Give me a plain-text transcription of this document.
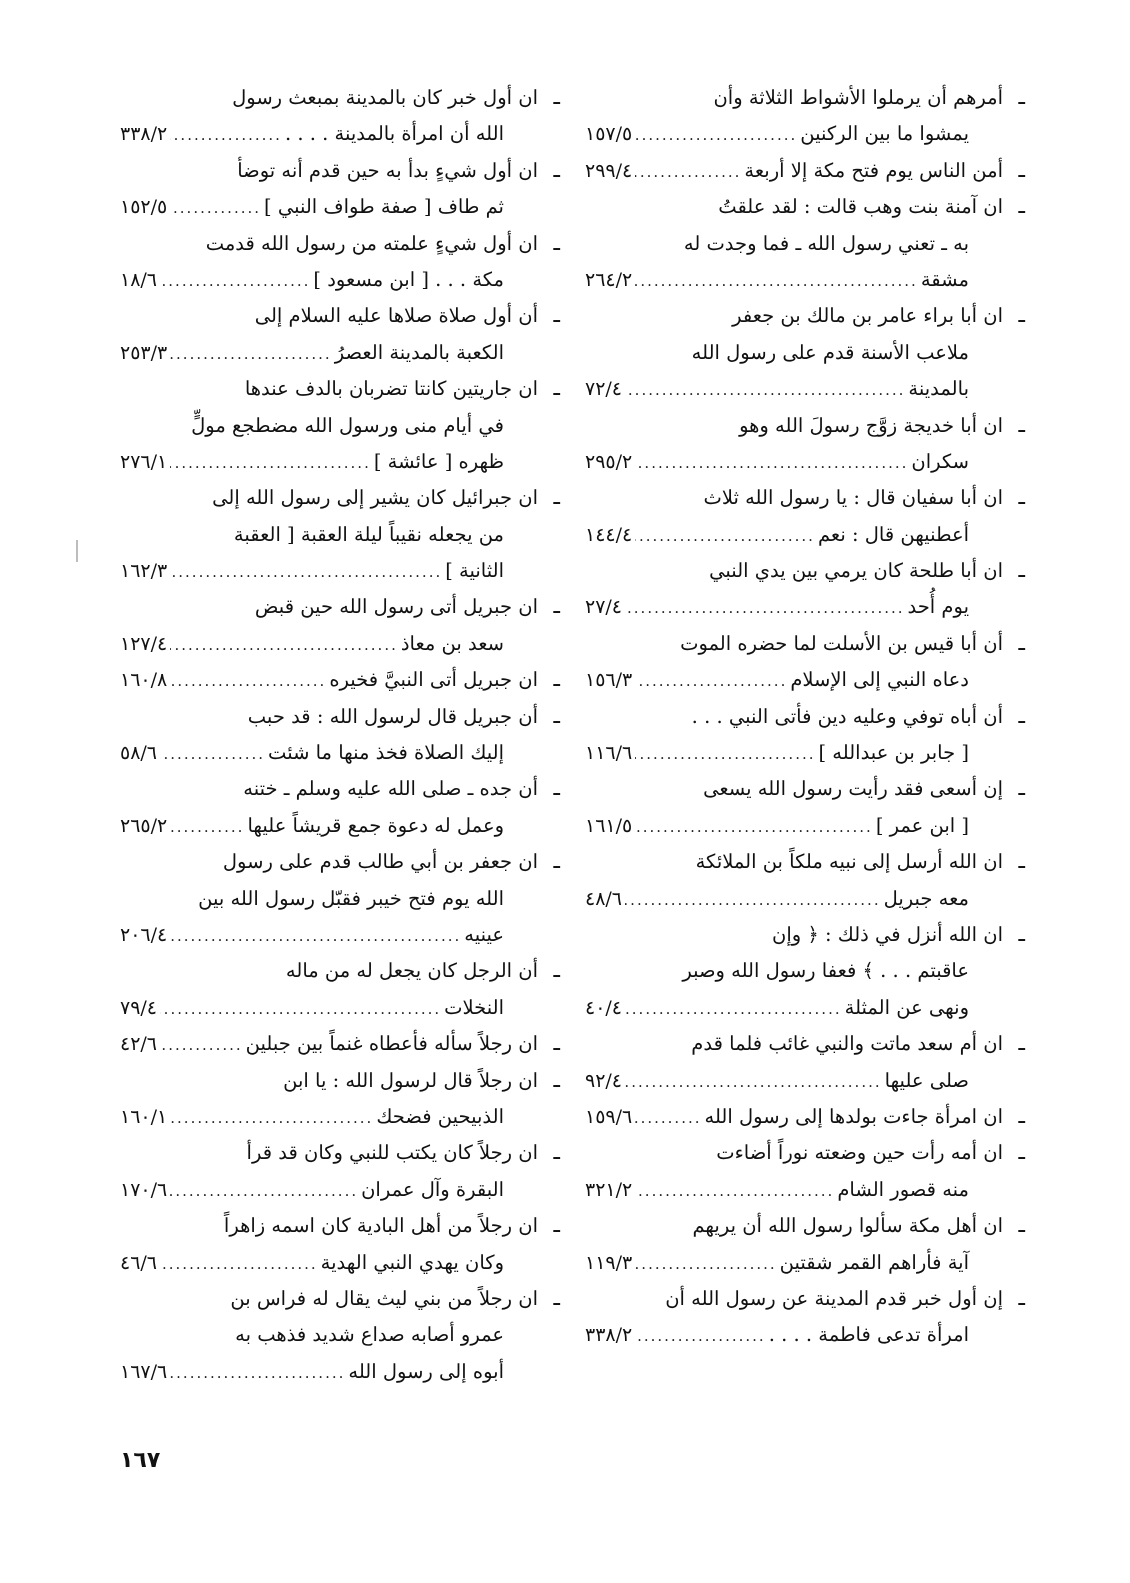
ـ
أمرهم أن يرملوا الأشواط الثلاثة وأن
يمشوا ما بين الركنين
.....
١٥٧/٥
ـ
أمن الناس يوم فتح مكة إلا أربعة
.....
٢٩٩/٤
ـ
ان آمنة بنت وهب قالت : لقد علقتُ
به ـ تعني رسول الله ـ فما وجدت له
مشقة
.....
٢٦٤/٢
ـ
ان أبا براء عامر بن مالك بن جعفر
ملاعب الأسنة قدم على رسول الله
بالمدينة
.....
٧٢/٤
ـ
ان أبا خديجة زوَّج رسولَ الله وهو
سكران
.....
٢٩٥/٢
ـ
ان أبا سفيان قال : يا رسول الله ثلاث
أعطنيهن قال : نعم
.....
١٤٤/٤
ـ
ان أبا طلحة كان يرمي بين يدي النبي
يوم أُحد
.....
٢٧/٤
ـ
أن أبا قيس بن الأسلت لما حضره الموت
دعاه النبي إلى الإسلام
.....
١٥٦/٣
ـ
أن أباه توفي وعليه دين فأتى النبي . . .
[ جابر بن عبدالله ]
.....
١١٦/٦
ـ
إن أسعى فقد رأيت رسول الله يسعى
[ ابن عمر ]
.....
١٦١/٥
ـ
ان الله أرسل إلى نبيه ملكاً بن الملائكة
معه جبريل
.....
٤٨/٦
ـ
ان الله أنزل في ذلك : ﴿ وإن
عاقبتم . . . ﴾ فعفا رسول الله وصبر
ونهى عن المثلة
.....
٤٠/٤
ـ
ان أم سعد ماتت والنبي غائب فلما قدم
صلى عليها
.....
٩٢/٤
ـ
ان امرأة جاءت بولدها إلى رسول الله
.....
١٥٩/٦
ـ
ان أمه رأت حين وضعته نوراً أضاءت
منه قصور الشام
.....
٣٢١/٢
ـ
ان أهل مكة سألوا رسول الله أن يريهم
آية فأراهم القمر شقتين
.....
١١٩/٣
ـ
إن أول خبر قدم المدينة عن رسول الله أن
امرأة تدعى فاطمة . . . .
.....
٣٣٨/٢
ـ
ان أول خبر كان بالمدينة بمبعث رسول
الله أن امرأة بالمدينة . . . .
.....
٣٣٨/٢
ـ
ان أول شيءٍ بدأ به حين قدم أنه توضأ
ثم طاف [ صفة طواف النبي ]
.....
١٥٢/٥
ـ
ان أول شيءٍ علمته من رسول الله قدمت
مكة . . . [ ابن مسعود ]
.....
١٨/٦
ـ
أن أول صلاة صلاها عليه السلام إلى
الكعبة بالمدينة العصرُ
.....
٢٥٣/٣
ـ
ان جاريتين كانتا تضربان بالدف عندها
في أيام منى ورسول الله مضطجع مولٍّ
ظهره [ عائشة ]
.....
٢٧٦/١
ـ
ان جبرائيل كان يشير إلى رسول الله إلى
من يجعله نقيباً ليلة العقبة [ العقبة
الثانية ]
.....
١٦٢/٣
ـ
ان جبريل أتى رسول الله حين قبض
سعد بن معاذ
.....
١٢٧/٤
ـ
ان جبريل أتى النبيَّ فخيره
.....
١٦٠/٨
ـ
أن جبريل قال لرسول الله : قد حبب
إليك الصلاة فخذ منها ما شئت
.....
٥٨/٦
ـ
أن جده ـ صلى الله عليه وسلم ـ ختنه
وعمل له دعوة جمع قريشاً عليها
.....
٢٦٥/٢
ـ
ان جعفر بن أبي طالب قدم على رسول
الله يوم فتح خيبر فقبّل رسول الله بين
عينيه
.....
٢٠٦/٤
ـ
أن الرجل كان يجعل له من ماله
النخلات
.....
٧٩/٤
ـ
ان رجلاً سأله فأعطاه غنماً بين جبلين
.....
٤٢/٦
ـ
ان رجلاً قال لرسول الله : يا ابن
الذبيحين فضحك
.....
١٦٠/١
ـ
ان رجلاً كان يكتب للنبي وكان قد قرأ
البقرة وآل عمران
.....
١٧٠/٦
ـ
ان رجلاً من أهل البادية كان اسمه زاهراً
وكان يهدي النبي الهدية
.....
٤٦/٦
ـ
ان رجلاً من بني ليث يقال له فراس بن
عمرو أصابه صداع شديد فذهب به
أبوه إلى رسول الله
.....
١٦٧/٦
١٦٧
